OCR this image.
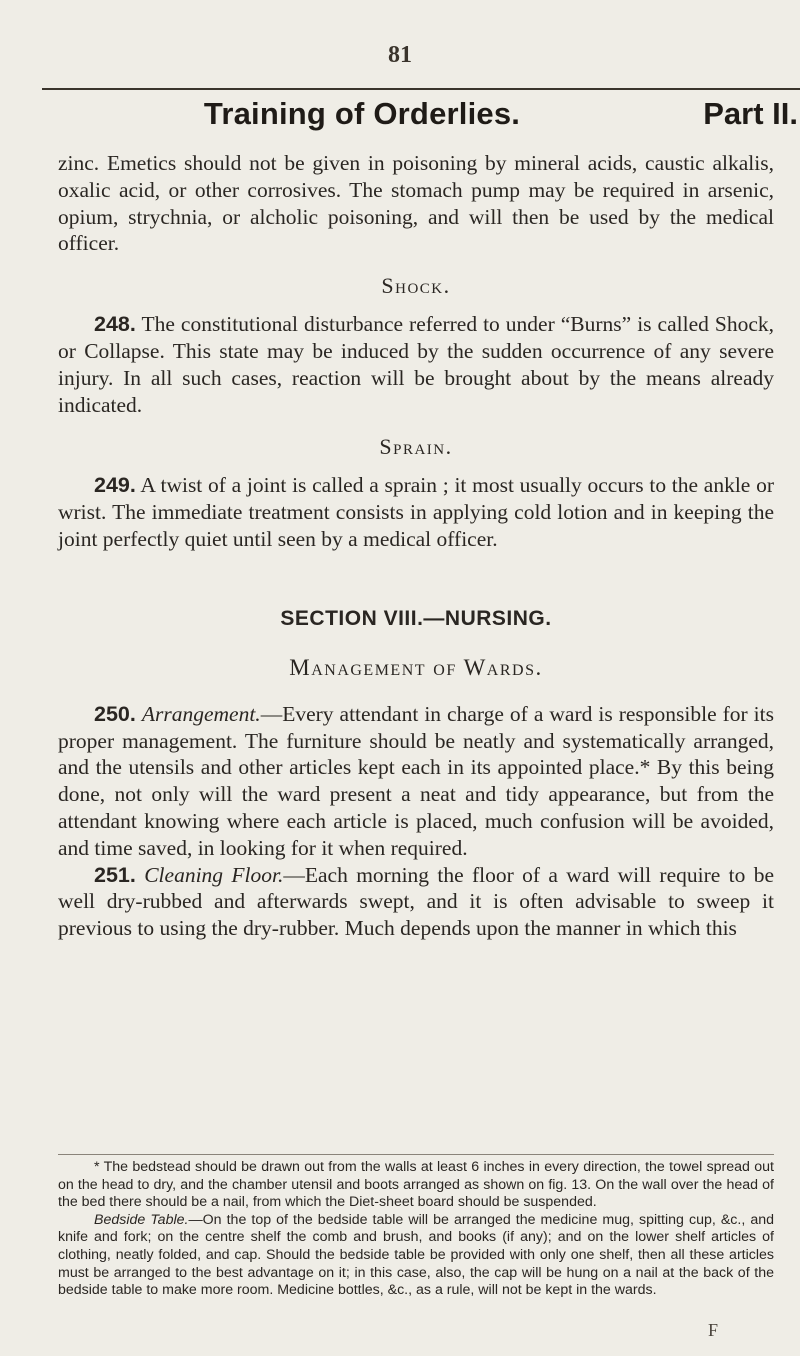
81
Training of Orderlies.	Part II.

zinc. Emetics should not be given in poisoning by mineral acids, caustic alkalis, oxalic acid, or other corrosives. The stomach pump may be required in arsenic, opium, strychnia, or alcholic poisoning, and will then be used by the medical officer.

Shock.

248. The constitutional disturbance referred to under “Burns” is called Shock, or Collapse. This state may be induced by the sudden occurrence of any severe injury. In all such cases, reaction will be brought about by the means already indicated.

Sprain.

249. A twist of a joint is called a sprain ; it most usually occurs to the ankle or wrist. The immediate treatment consists in applying cold lotion and in keeping the joint perfectly quiet until seen by a medical officer.

SECTION VIII.—NURSING.
Management of Wards.

250. Arrangement.—Every attendant in charge of a ward is responsible for its proper management. The furniture should be neatly and systematically arranged, and the utensils and other articles kept each in its appointed place.* By this being done, not only will the ward present a neat and tidy appearance, but from the attendant knowing where each article is placed, much confusion will be avoided, and time saved, in looking for it when required.

251. Cleaning Floor.—Each morning the floor of a ward will require to be well dry-rubbed and afterwards swept, and it is often advisable to sweep it previous to using the dry-rubber. Much depends upon the manner in which this

* The bedstead should be drawn out from the walls at least 6 inches in every direction, the towel spread out on the head to dry, and the chamber utensil and boots arranged as shown on fig. 13. On the wall over the head of the bed there should be a nail, from which the Diet-sheet board should be suspended.

Bedside Table.—On the top of the bedside table will be arranged the medicine mug, spitting cup, &c., and knife and fork; on the centre shelf the comb and brush, and books (if any); and on the lower shelf articles of clothing, neatly folded, and cap. Should the bedside table be provided with only one shelf, then all these articles must be arranged to the best advantage on it; in this case, also, the cap will be hung on a nail at the back of the bedside table to make more room. Medicine bottles, &c., as a rule, will not be kept in the wards.

F
